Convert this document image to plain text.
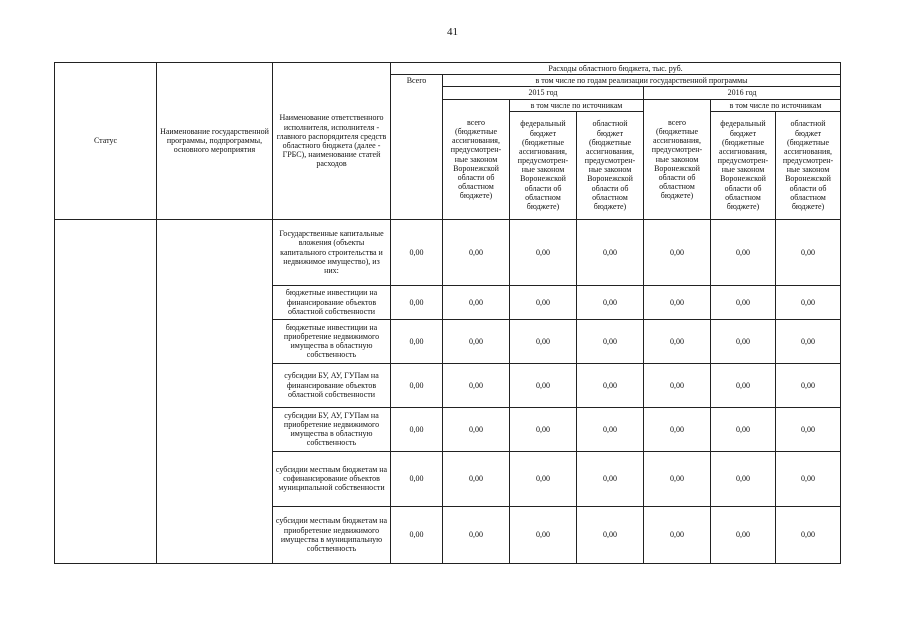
41
Статус	Наименование государственной программы, подпрограммы, основного мероприятия	Наименование ответственного исполнителя, исполнителя - главного распорядителя средств областного бюджета (далее - ГРБС), наименование статей расходов	Расходы областного бюджета, тыс. руб.						
			Всего	в том числе по годам реализации государственной программы					
				2015 год			2016 год		
				всего (бюджетные ассигнования, предусмотрен-ные законом Воронежской области об областном бюджете)	в том числе по источникам		всего (бюджетные ассигнования, предусмотрен-ные законом Воронежской области об областном бюджете)	в том числе по источникам	
					федеральный бюджет (бюджетные ассигнования, предусмотрен-ные законом Воронежской области об областном бюджете)	областной бюджет (бюджетные ассигнования, предусмотрен-ные законом Воронежской области об областном бюджете)		федеральный бюджет (бюджетные ассигнования, предусмотрен-ные законом Воронежской области об областном бюджете)	областной бюджет (бюджетные ассигнования, предусмотрен-ные законом Воронежской области об областном бюджете)
		Государственные капитальные вложения (объекты капитального строительства и недвижимое имущество), из них:	0,00	0,00	0,00	0,00	0,00	0,00	0,00
		бюджетные инвестиции на финансирование объектов областной собственности	0,00	0,00	0,00	0,00	0,00	0,00	0,00
		бюджетные инвестиции на приобретение недвижимого имущества в областную собственность	0,00	0,00	0,00	0,00	0,00	0,00	0,00
		субсидии БУ, АУ, ГУПам на финансирование объектов областной собственности	0,00	0,00	0,00	0,00	0,00	0,00	0,00
		субсидии БУ, АУ, ГУПам на приобретение недвижимого имущества в областную собственность	0,00	0,00	0,00	0,00	0,00	0,00	0,00
		субсидии местным бюджетам на софинансирование объектов муниципальной собственности	0,00	0,00	0,00	0,00	0,00	0,00	0,00
		субсидии местным бюджетам на приобретение недвижимого имущества в муниципальную собственность	0,00	0,00	0,00	0,00	0,00	0,00	0,00
